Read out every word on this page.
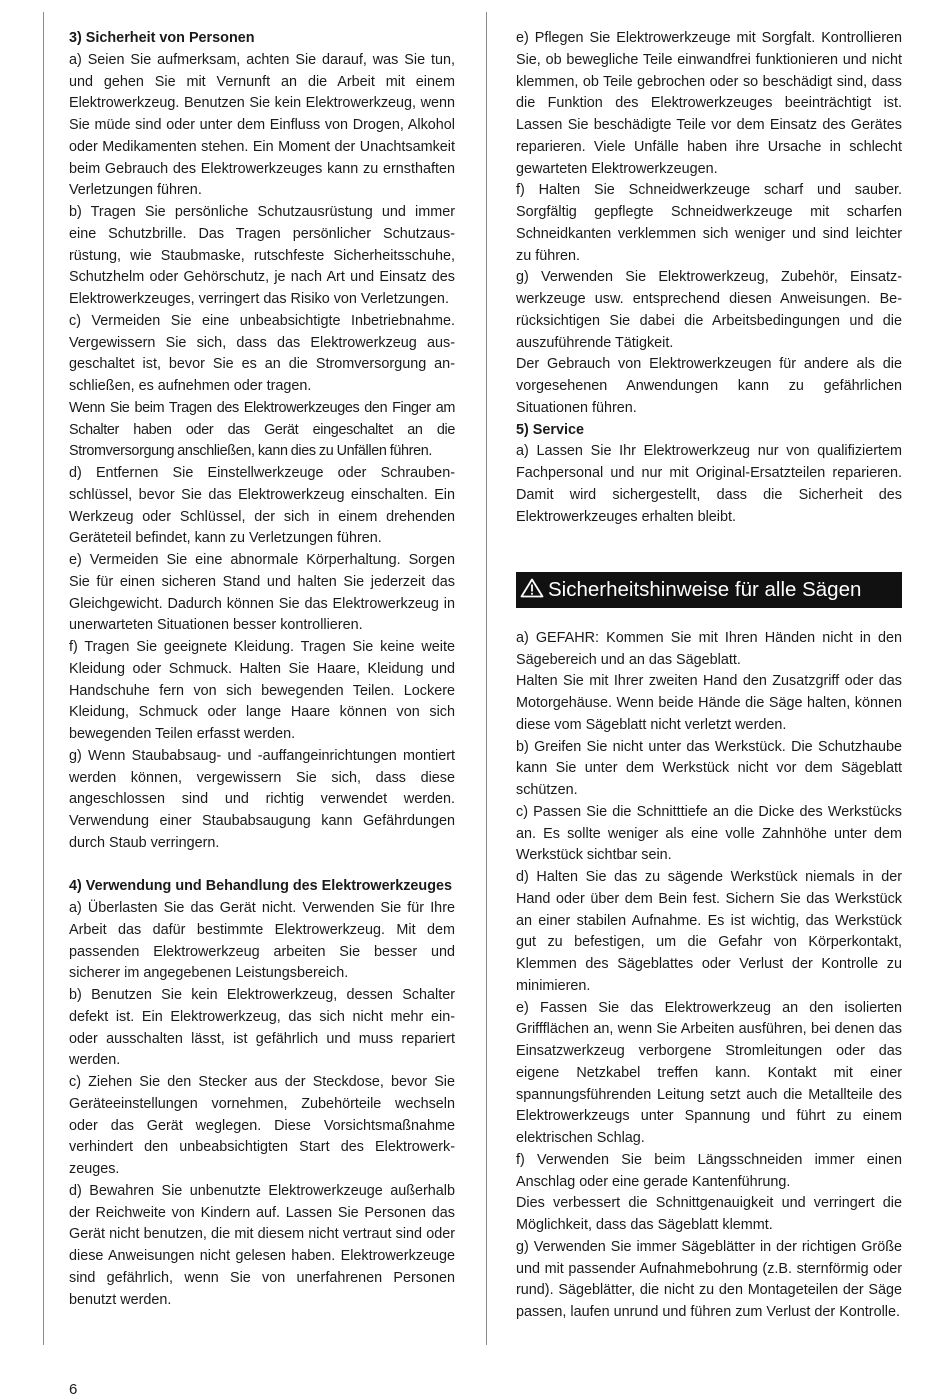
3) Sicherheit von Personen

a) Seien Sie aufmerksam, achten Sie darauf, was Sie tun, und gehen Sie mit Vernunft an die Arbeit mit einem Elektrowerkzeug. Benutzen Sie kein Elektrowerkzeug, wenn Sie müde sind oder unter dem Einfluss von Drogen, Alkohol oder Medikamenten stehen. Ein Moment der Unachtsamkeit beim Gebrauch des Elektrowerkzeuges kann zu ernsthaften Verletzungen führen.

b) Tragen Sie persönliche Schutzausrüstung und immer eine Schutzbrille. Das Tragen persönlicher Schutzausrüstung, wie Staubmaske, rutschfeste Sicherheitsschuhe, Schutzhelm oder Gehörschutz, je nach Art und Einsatz des Elektrowerkzeuges, verringert das Risiko von Verletzungen.

c) Vermeiden Sie eine unbeabsichtigte Inbetriebnahme. Vergewissern Sie sich, dass das Elektrowerkzeug ausgeschaltet ist, bevor Sie es an die Stromversorgung anschließen, es aufnehmen oder tragen.

Wenn Sie beim Tragen des Elektrowerkzeuges den Finger am Schalter haben oder das Gerät eingeschaltet an die Stromversorgung anschließen, kann dies zu Unfällen führen.

d) Entfernen Sie Einstellwerkzeuge oder Schraubenschlüssel, bevor Sie das Elektrowerkzeug einschalten. Ein Werkzeug oder Schlüssel, der sich in einem drehenden Geräteteil befindet, kann zu Verletzungen führen.

e) Vermeiden Sie eine abnormale Körperhaltung. Sorgen Sie für einen sicheren Stand und halten Sie jederzeit das Gleichgewicht. Dadurch können Sie das Elektrowerkzeug in unerwarteten Situationen besser kontrollieren.

f) Tragen Sie geeignete Kleidung. Tragen Sie keine weite Kleidung oder Schmuck. Halten Sie Haare, Kleidung und Handschuhe fern von sich bewegenden Teilen. Lockere Kleidung, Schmuck oder lange Haare können von sich bewegenden Teilen erfasst werden.

g) Wenn Staubabsaug- und -auffangeinrichtungen montiert werden können, vergewissern Sie sich, dass diese angeschlossen sind und richtig verwendet werden. Verwendung einer Staubabsaugung kann Gefährdungen durch Staub verringern.

4) Verwendung und Behandlung des Elektrowerkzeuges

a) Überlasten Sie das Gerät nicht. Verwenden Sie für Ihre Arbeit das dafür bestimmte Elektrowerkzeug. Mit dem passenden Elektrowerkzeug arbeiten Sie besser und sicherer im angegebenen Leistungsbereich.

b) Benutzen Sie kein Elektrowerkzeug, dessen Schalter defekt ist. Ein Elektrowerkzeug, das sich nicht mehr ein- oder ausschalten lässt, ist gefährlich und muss repariert werden.

c) Ziehen Sie den Stecker aus der Steckdose, bevor Sie Geräteeinstellungen vornehmen, Zubehörteile wechseln oder das Gerät weglegen. Diese Vorsichtsmaßnahme verhindert den unbeabsichtigten Start des Elektrowerkzeuges.

d) Bewahren Sie unbenutzte Elektrowerkzeuge außerhalb der Reichweite von Kindern auf. Lassen Sie Personen das Gerät nicht benutzen, die mit diesem nicht vertraut sind oder diese Anweisungen nicht gelesen haben. Elektrowerkzeuge sind gefährlich, wenn Sie von unerfahrenen Personen benutzt werden.

e) Pflegen Sie Elektrowerkzeuge mit Sorgfalt. Kontrollieren Sie, ob bewegliche Teile einwandfrei funktionieren und nicht klemmen, ob Teile gebrochen oder so beschädigt sind, dass die Funktion des Elektrowerkzeuges beeinträchtigt ist. Lassen Sie beschädigte Teile vor dem Einsatz des Gerätes reparieren. Viele Unfälle haben ihre Ursache in schlecht gewarteten Elektrowerkzeugen.

f) Halten Sie Schneidwerkzeuge scharf und sauber. Sorgfältig gepflegte Schneidwerkzeuge mit scharfen Schneidkanten verklemmen sich weniger und sind leichter zu führen.

g) Verwenden Sie Elektrowerkzeug, Zubehör, Einsatzwerkzeuge usw. entsprechend diesen Anweisungen. Berücksichtigen Sie dabei die Arbeitsbedingungen und die auszuführende Tätigkeit.

Der Gebrauch von Elektrowerkzeugen für andere als die vorgesehenen Anwendungen kann zu gefährlichen Situationen führen.

5) Service

a) Lassen Sie Ihr Elektrowerkzeug nur von qualifiziertem Fachpersonal und nur mit Original-Ersatzteilen reparieren. Damit wird sichergestellt, dass die Sicherheit des Elektrowerkzeuges erhalten bleibt.

Sicherheitshinweise für alle Sägen

a) GEFAHR: Kommen Sie mit Ihren Händen nicht in den Sägebereich und an das Sägeblatt.

Halten Sie mit Ihrer zweiten Hand den Zusatzgriff oder das Motorgehäuse. Wenn beide Hände die Säge halten, können diese vom Sägeblatt nicht verletzt werden.

b) Greifen Sie nicht unter das Werkstück. Die Schutzhaube kann Sie unter dem Werkstück nicht vor dem Sägeblatt schützen.

c) Passen Sie die Schnitttiefe an die Dicke des Werkstücks an. Es sollte weniger als eine volle Zahnhöhe unter dem Werkstück sichtbar sein.

d) Halten Sie das zu sägende Werkstück niemals in der Hand oder über dem Bein fest. Sichern Sie das Werkstück an einer stabilen Aufnahme. Es ist wichtig, das Werkstück gut zu befestigen, um die Gefahr von Körperkontakt, Klemmen des Sägeblattes oder Verlust der Kontrolle zu minimieren.

e) Fassen Sie das Elektrowerkzeug an den isolierten Griffflächen an, wenn Sie Arbeiten ausführen, bei denen das Einsatzwerkzeug verborgene Stromleitungen oder das eigene Netzkabel treffen kann. Kontakt mit einer spannungsführenden Leitung setzt auch die Metallteile des Elektrowerkzeugs unter Spannung und führt zu einem elektrischen Schlag.

f) Verwenden Sie beim Längsschneiden immer einen Anschlag oder eine gerade Kantenführung.

Dies verbessert die Schnittgenauigkeit und verringert die Möglichkeit, dass das Sägeblatt klemmt.

g) Verwenden Sie immer Sägeblätter in der richtigen Größe und mit passender Aufnahmebohrung (z.B. sternförmig oder rund). Sägeblätter, die nicht zu den Montageteilen der Säge passen, laufen unrund und führen zum Verlust der Kontrolle.

6
